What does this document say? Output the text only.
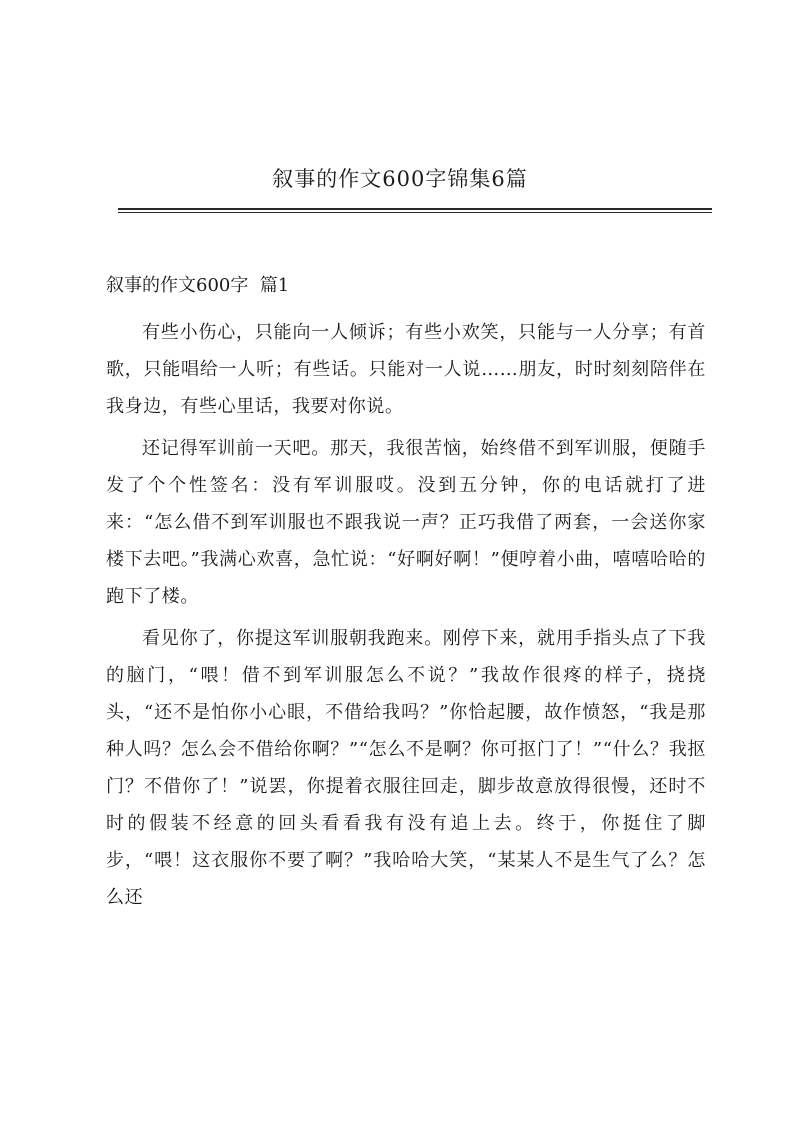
叙事的作文600字锦集6篇
叙事的作文600字  篇1

有些小伤心，只能向一人倾诉；有些小欢笑，只能与一人分享；有首歌，只能唱给一人听；有些话。只能对一人说……朋友，时时刻刻陪伴在我身边，有些心里话，我要对你说。

还记得军训前一天吧。那天，我很苦恼，始终借不到军训服，便随手发了个个性签名：没有军训服哎。没到五分钟，你的电话就打了进来：“怎么借不到军训服也不跟我说一声？正巧我借了两套，一会送你家楼下去吧。”我满心欢喜，急忙说：“好啊好啊！”便哼着小曲，嘻嘻哈哈的跑下了楼。

看见你了，你提这军训服朝我跑来。刚停下来，就用手指头点了下我的脑门，“喂！借不到军训服怎么不说？”我故作很疼的样子，挠挠头，“还不是怕你小心眼，不借给我吗？”你恰起腰，故作愤怒，“我是那种人吗？怎么会不借给你啊？”“怎么不是啊？你可抠门了！”“什么？我抠门？不借你了！”说罢，你提着衣服往回走，脚步故意放得很慢，还时不时的假装不经意的回头看看我有没有追上去。终于，你挺住了脚步，“喂！这衣服你不要了啊？”我哈哈大笑，“某某人不是生气了么？怎么还
